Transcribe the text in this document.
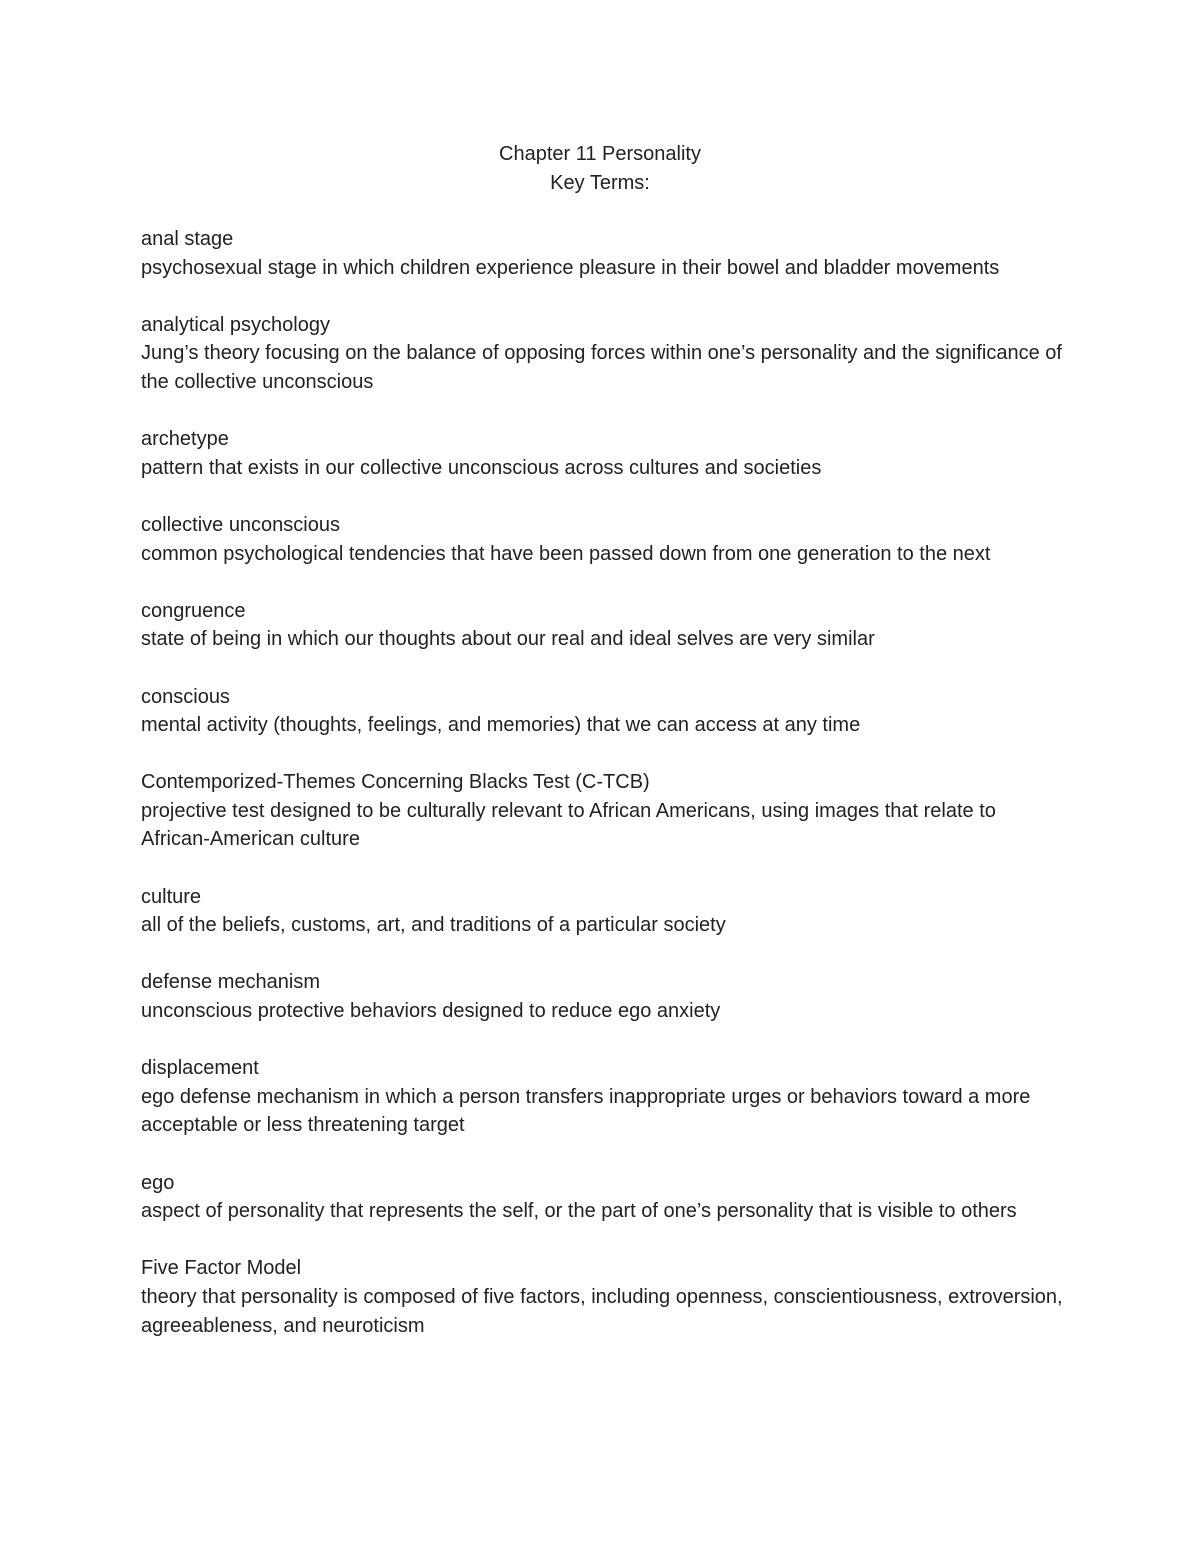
Chapter 11 Personality
Key Terms:
anal stage
psychosexual stage in which children experience pleasure in their bowel and bladder movements
analytical psychology
Jung’s theory focusing on the balance of opposing forces within one’s personality and the significance of the collective unconscious
archetype
pattern that exists in our collective unconscious across cultures and societies
collective unconscious
common psychological tendencies that have been passed down from one generation to the next
congruence
state of being in which our thoughts about our real and ideal selves are very similar
conscious
mental activity (thoughts, feelings, and memories) that we can access at any time
Contemporized-Themes Concerning Blacks Test (C-TCB)
projective test designed to be culturally relevant to African Americans, using images that relate to African-American culture
culture
all of the beliefs, customs, art, and traditions of a particular society
defense mechanism
unconscious protective behaviors designed to reduce ego anxiety
displacement
ego defense mechanism in which a person transfers inappropriate urges or behaviors toward a more acceptable or less threatening target
ego
aspect of personality that represents the self, or the part of one’s personality that is visible to others
Five Factor Model
theory that personality is composed of five factors, including openness, conscientiousness, extroversion, agreeableness, and neuroticism
